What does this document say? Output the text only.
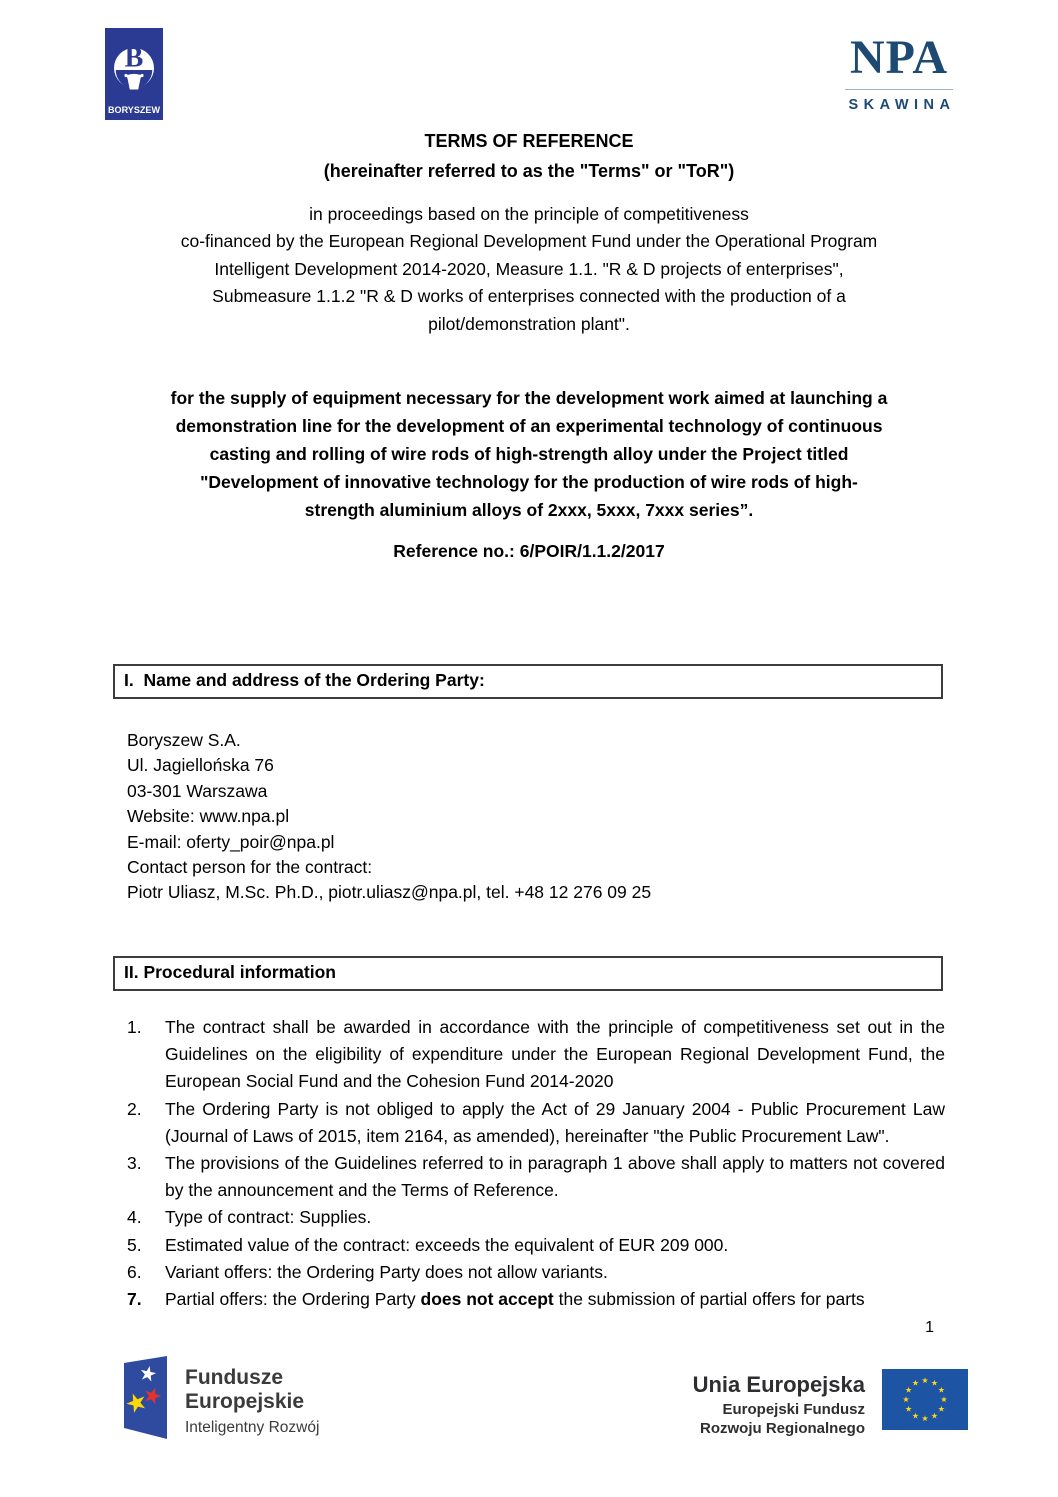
B
BORYSZEW
NPA
SKAWINA
TERMS OF REFERENCE
(hereinafter referred to as the "Terms" or "ToR")
in proceedings based on the principle of competitiveness
co-financed by the European Regional Development Fund under the Operational Program
Intelligent Development 2014-2020, Measure 1.1. "R & D projects of enterprises",
Submeasure 1.1.2 "R & D works of enterprises connected with the production of a
pilot/demonstration plant".
for the supply of equipment necessary for the development work aimed at launching a
demonstration line for the development of an experimental technology of continuous
casting and rolling of wire rods of high-strength alloy under the Project titled
"Development of innovative technology for the production of wire rods of high-
strength aluminium alloys of 2xxx, 5xxx, 7xxx series”.
Reference no.: 6/POIR/1.1.2/2017
I.  Name and address of the Ordering Party:
Boryszew S.A.
Ul. Jagiellońska 76
03-301 Warszawa
Website: www.npa.pl
E-mail: oferty_poir@npa.pl
Contact person for the contract:
Piotr Uliasz, M.Sc. Ph.D., piotr.uliasz@npa.pl, tel. +48 12 276 09 25
II. Procedural information
1.	The contract shall be awarded in accordance with the principle of competitiveness set out in the Guidelines on the eligibility of expenditure under the European Regional Development Fund, the European Social Fund and the Cohesion Fund 2014-2020
2.	The Ordering Party is not obliged to apply the Act of 29 January 2004 - Public Procurement Law (Journal of Laws of 2015, item 2164, as amended), hereinafter "the Public Procurement Law".
3.	The provisions of the Guidelines referred to in paragraph 1 above shall apply to matters not covered by the announcement and the Terms of Reference.
4.	Type of contract: Supplies.
5.	Estimated value of the contract: exceeds the equivalent of EUR 209 000.
6.	Variant offers: the Ordering Party does not allow variants.
7.	Partial offers: the Ordering Party does not accept the submission of partial offers for parts
1
Fundusze
Europejskie
Inteligentny Rozwój
Unia Europejska
Europejski Fundusz
Rozwoju Regionalnego
